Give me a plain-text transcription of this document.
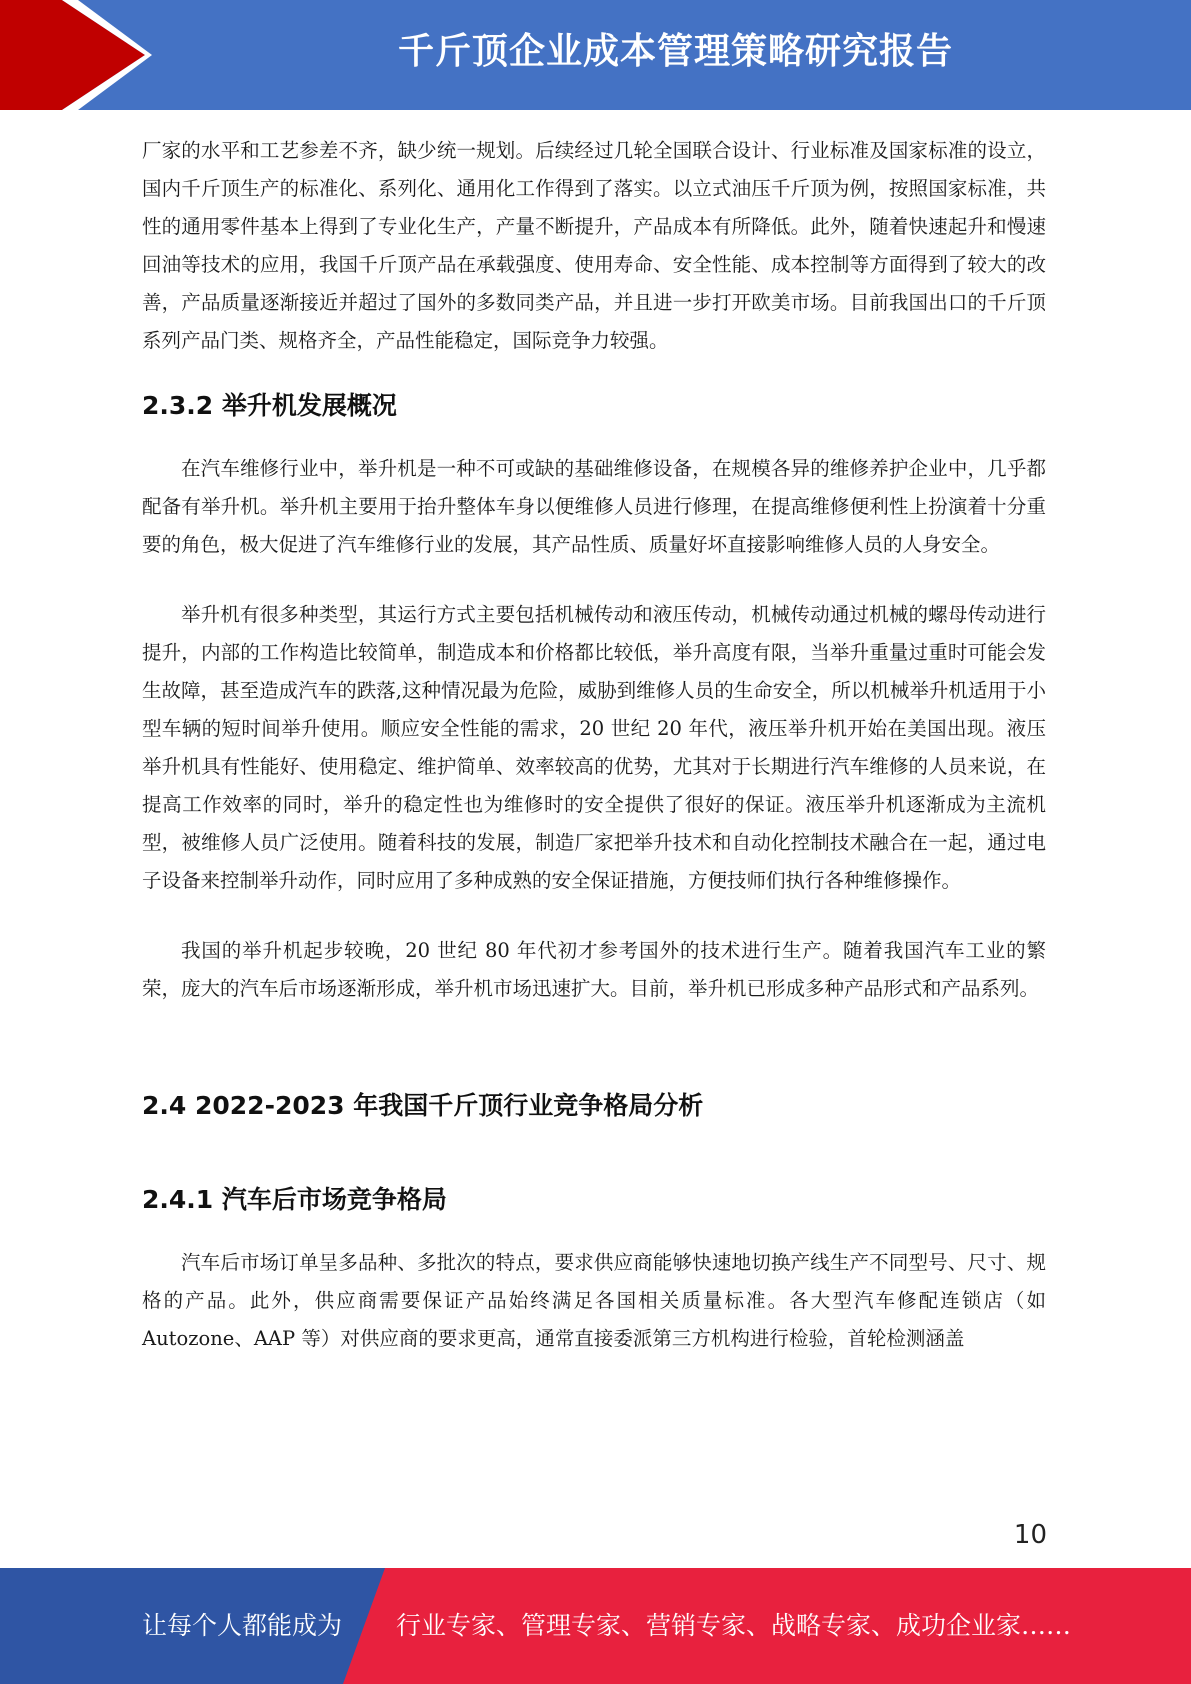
千斤顶企业成本管理策略研究报告

厂家的水平和工艺参差不齐，缺少统一规划。后续经过几轮全国联合设计、行业标准及国家标准的设立，国内千斤顶生产的标准化、系列化、通用化工作得到了落实。以立式油压千斤顶为例，按照国家标准，共性的通用零件基本上得到了专业化生产，产量不断提升，产品成本有所降低。此外，随着快速起升和慢速回油等技术的应用，我国千斤顶产品在承载强度、使用寿命、安全性能、成本控制等方面得到了较大的改善，产品质量逐渐接近并超过了国外的多数同类产品，并且进一步打开欧美市场。目前我国出口的千斤顶系列产品门类、规格齐全，产品性能稳定，国际竞争力较强。

2.3.2 举升机发展概况

在汽车维修行业中，举升机是一种不可或缺的基础维修设备，在规模各异的维修养护企业中，几乎都配备有举升机。举升机主要用于抬升整体车身以便维修人员进行修理，在提高维修便利性上扮演着十分重要的角色，极大促进了汽车维修行业的发展，其产品性质、质量好坏直接影响维修人员的人身安全。

举升机有很多种类型，其运行方式主要包括机械传动和液压传动，机械传动通过机械的螺母传动进行提升，内部的工作构造比较简单，制造成本和价格都比较低，举升高度有限，当举升重量过重时可能会发生故障，甚至造成汽车的跌落,这种情况最为危险，威胁到维修人员的生命安全，所以机械举升机适用于小型车辆的短时间举升使用。顺应安全性能的需求，20 世纪 20 年代，液压举升机开始在美国出现。液压举升机具有性能好、使用稳定、维护简单、效率较高的优势，尤其对于长期进行汽车维修的人员来说，在提高工作效率的同时，举升的稳定性也为维修时的安全提供了很好的保证。液压举升机逐渐成为主流机型，被维修人员广泛使用。随着科技的发展，制造厂家把举升技术和自动化控制技术融合在一起，通过电子设备来控制举升动作，同时应用了多种成熟的安全保证措施，方便技师们执行各种维修操作。

我国的举升机起步较晚，20 世纪 80 年代初才参考国外的技术进行生产。随着我国汽车工业的繁荣，庞大的汽车后市场逐渐形成，举升机市场迅速扩大。目前，举升机已形成多种产品形式和产品系列。

2.4 2022-2023 年我国千斤顶行业竞争格局分析
2.4.1 汽车后市场竞争格局

汽车后市场订单呈多品种、多批次的特点，要求供应商能够快速地切换产线生产不同型号、尺寸、规格的产品。此外，供应商需要保证产品始终满足各国相关质量标准。各大型汽车修配连锁店（如 Autozone、AAP 等）对供应商的要求更高，通常直接委派第三方机构进行检验，首轮检测涵盖

10
让每个人都能成为 行业专家、管理专家、营销专家、战略专家、成功企业家……
